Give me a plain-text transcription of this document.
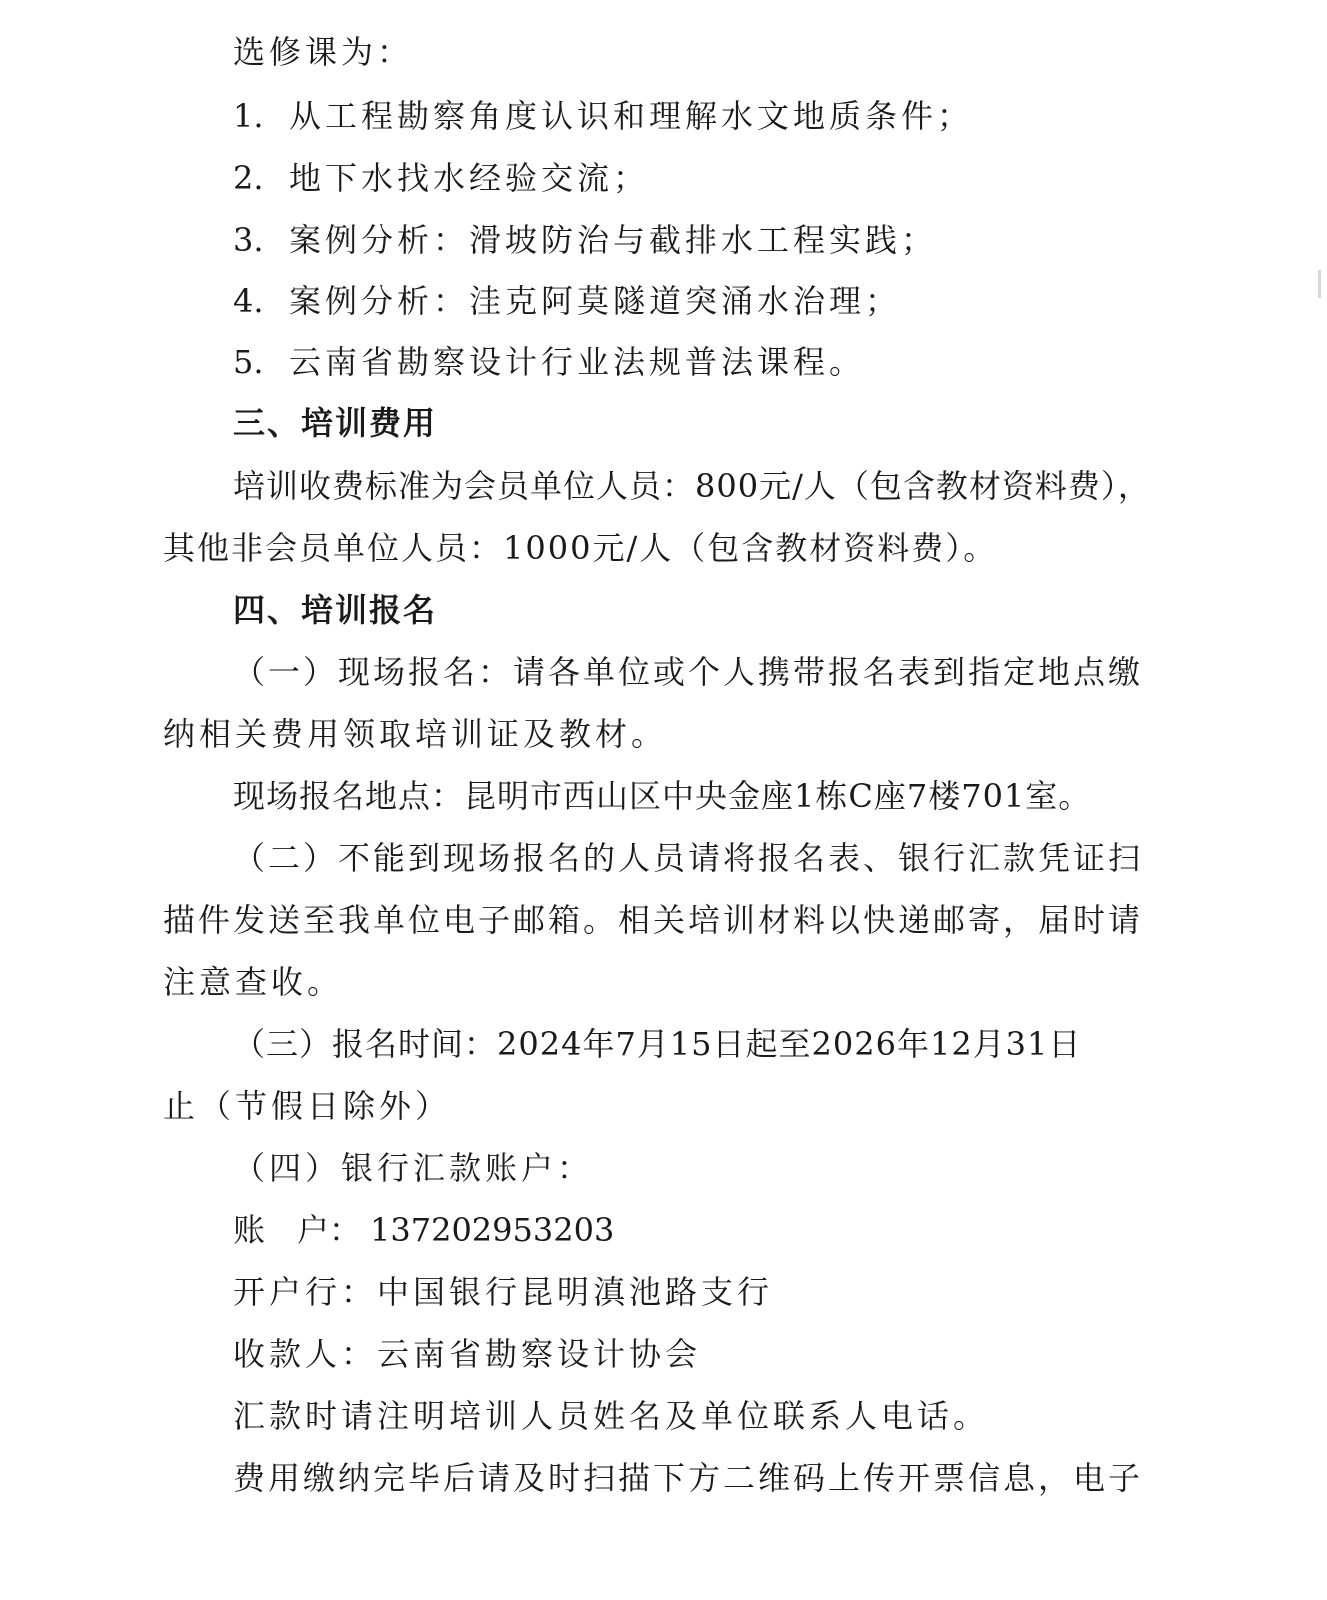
选修课为：
1. 从工程勘察角度认识和理解水文地质条件；
2. 地下水找水经验交流；
3. 案例分析：滑坡防治与截排水工程实践；
4. 案例分析：洼克阿莫隧道突涌水治理；
5. 云南省勘察设计行业法规普法课程。
三、培训费用
培训收费标准为会员单位人员：800元/人（包含教材资料费），
其他非会员单位人员：1000元/人（包含教材资料费）。
四、培训报名
（一）现场报名：请各单位或个人携带报名表到指定地点缴
纳相关费用领取培训证及教材。
现场报名地点：昆明市西山区中央金座1栋C座7楼701室。
（二）不能到现场报名的人员请将报名表、银行汇款凭证扫
描件发送至我单位电子邮箱。相关培训材料以快递邮寄，届时请
注意查收。
（三）报名时间：2024年7月15日起至2026年12月31日
止（节假日除外）
（四）银行汇款账户：
账　户： 137202953203
开户行：中国银行昆明滇池路支行
收款人：云南省勘察设计协会
汇款时请注明培训人员姓名及单位联系人电话。
费用缴纳完毕后请及时扫描下方二维码上传开票信息，电子
